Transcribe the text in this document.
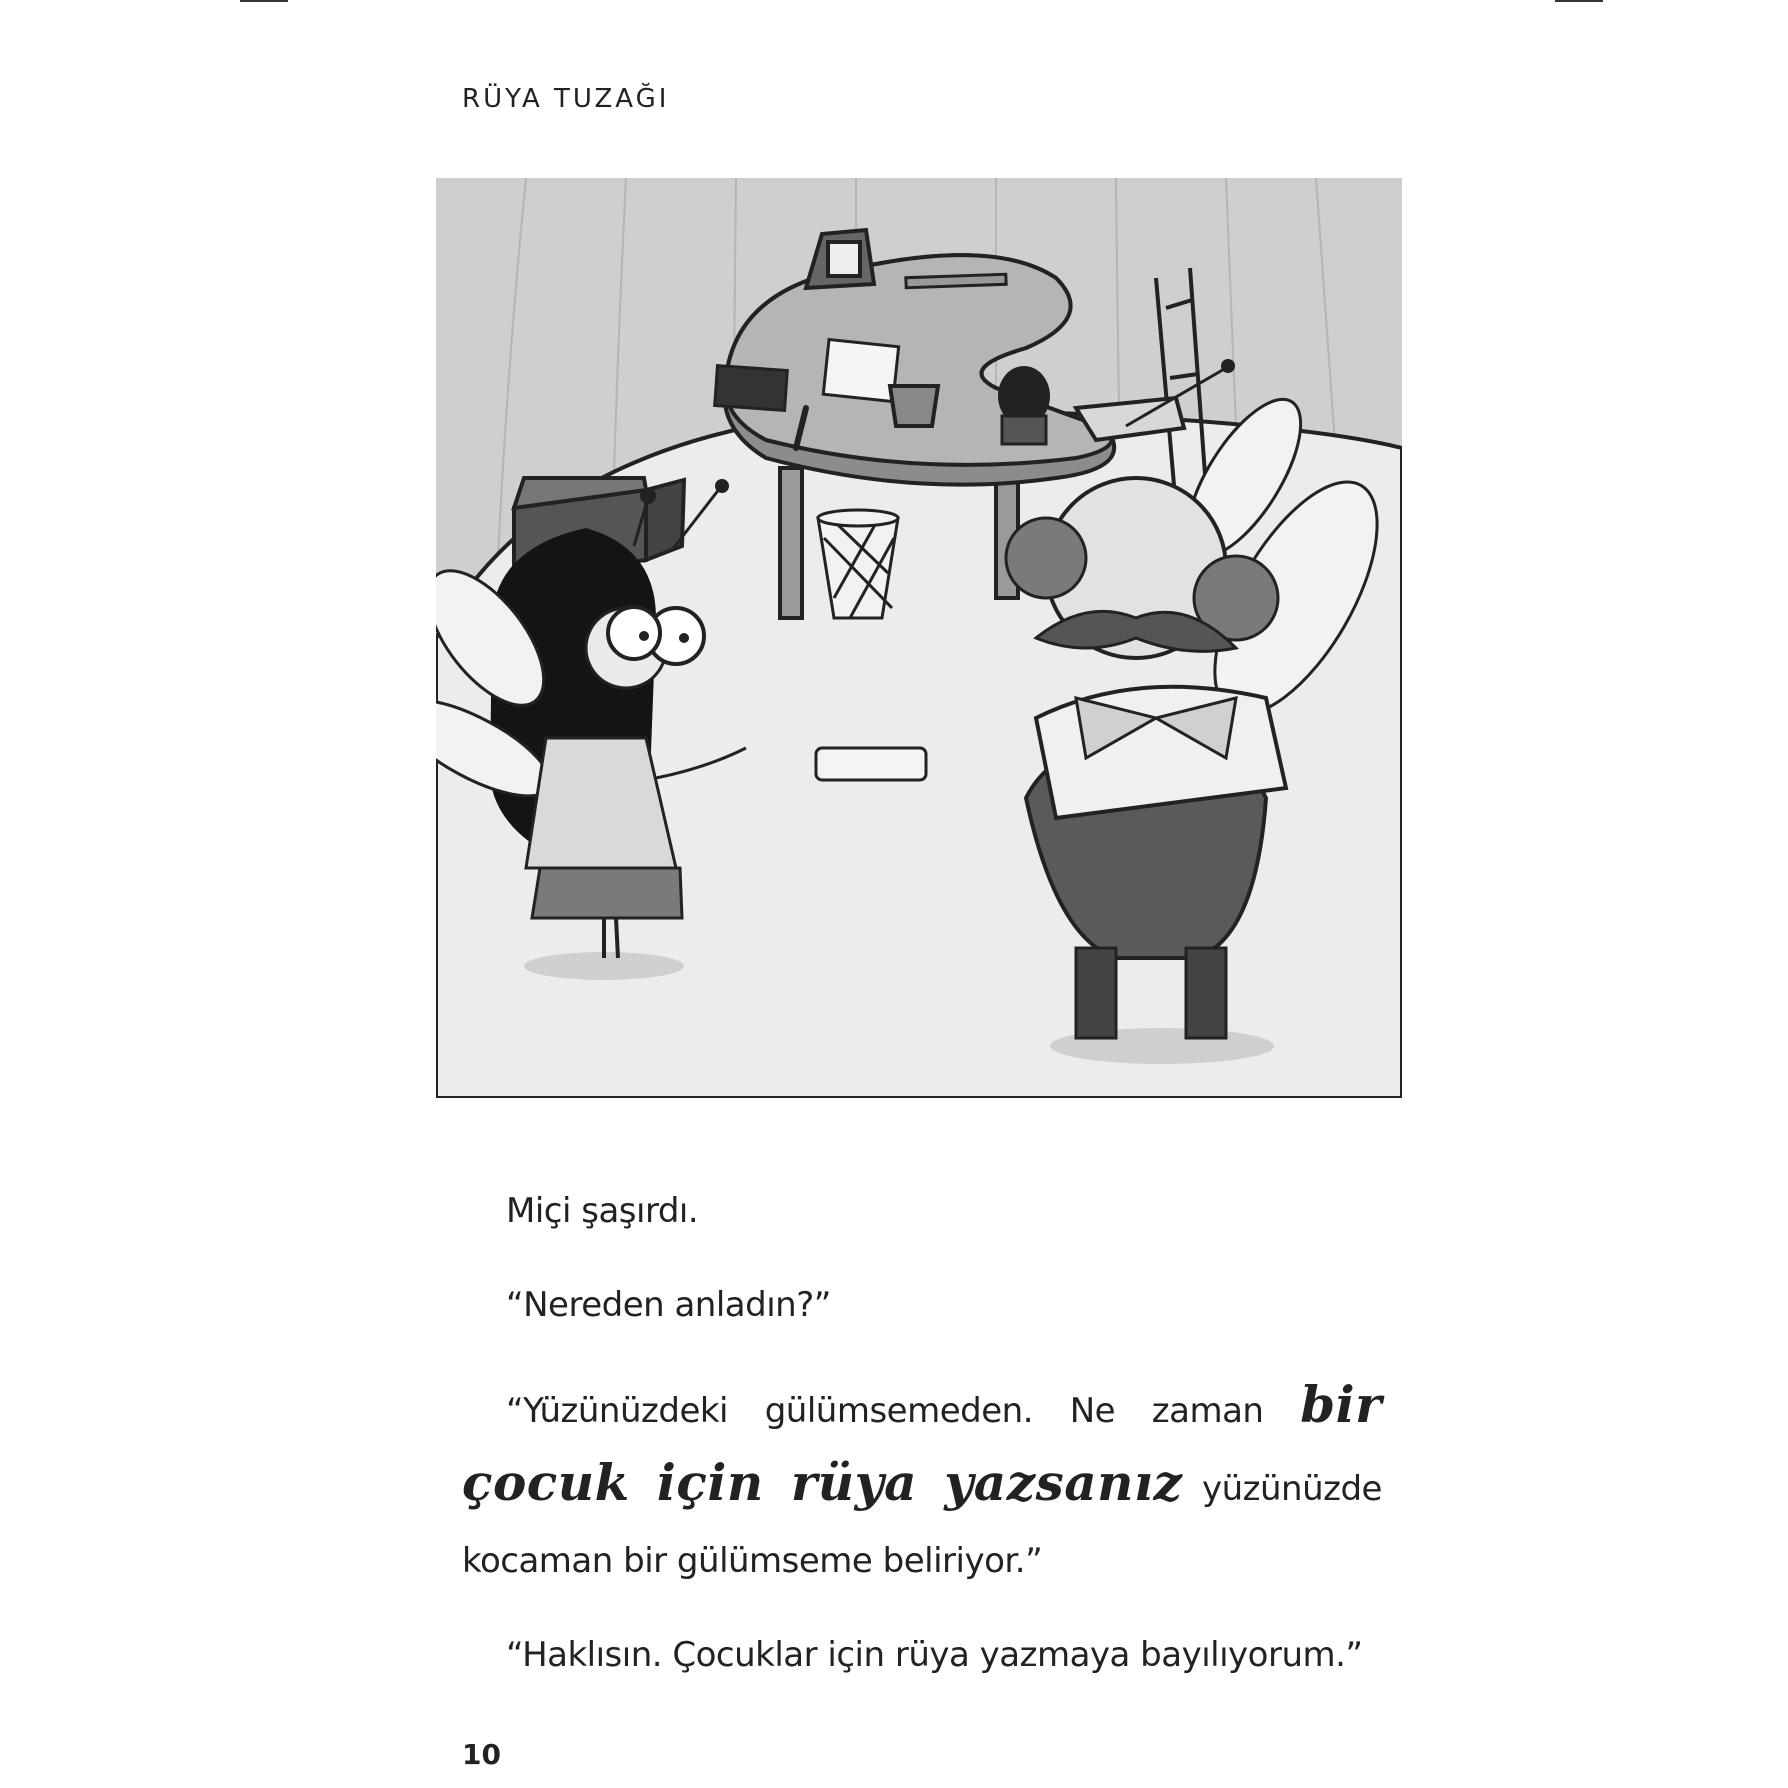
RÜYA TUZAĞI

Miçi şaşırdı.

“Nereden anladın?”

“Yüzünüzdeki gülümsemeden. Ne zaman bir çocuk için rüya yazsanız yüzünüzde kocaman bir gülümseme beliriyor.”

“Haklısın. Çocuklar için rüya yazmaya bayılıyorum.”

10
